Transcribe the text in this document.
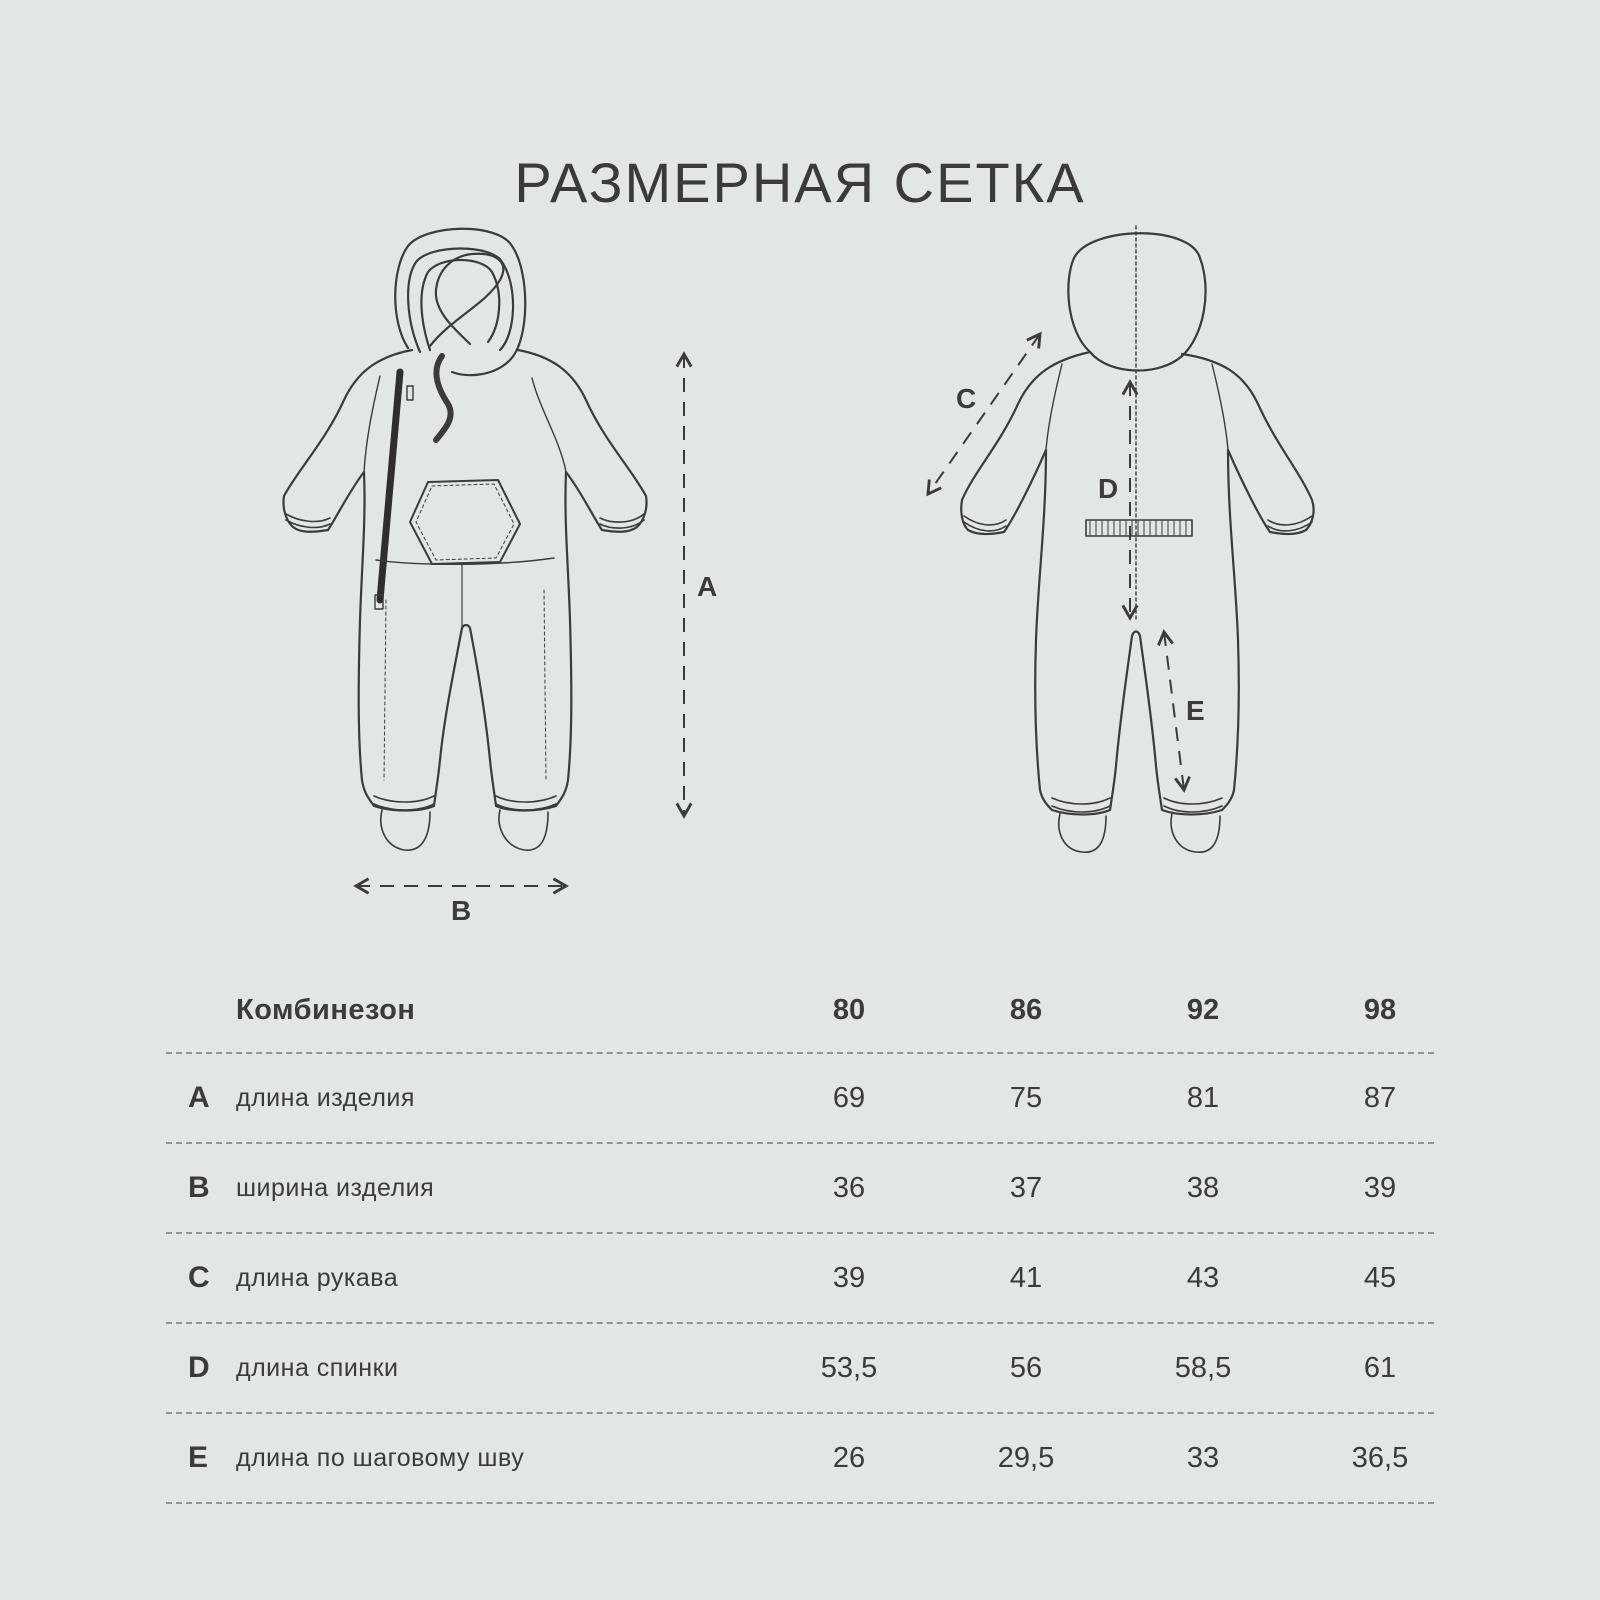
РАЗМЕРНАЯ СЕТКА
A
B
C
D
E
Комбинезон	80	86	92	98
A длина изделия	69	75	81	87
B ширина изделия	36	37	38	39
C длина рукава	39	41	43	45
D длина спинки	53,5	56	58,5	61
E длина по шаговому шву	26	29,5	33	36,5
